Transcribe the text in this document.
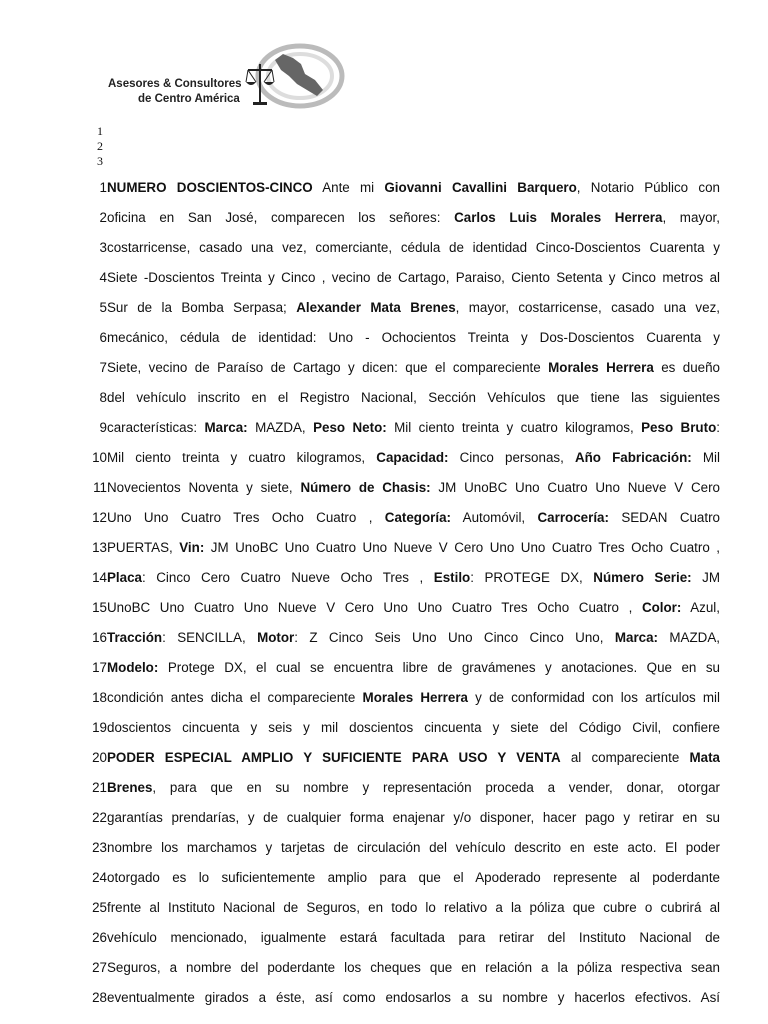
Asesores & Consultores
de Centro América
1
2
3
1 NUMERO DOSCIENTOS-CINCO Ante mi Giovanni Cavallini Barquero, Notario Público con
2 oficina en San José, comparecen los señores: Carlos Luis Morales Herrera, mayor,
3 costarricense, casado una vez, comerciante, cédula de identidad Cinco-Doscientos Cuarenta y
4 Siete -Doscientos Treinta y Cinco , vecino de Cartago, Paraiso, Ciento Setenta y Cinco metros al
5 Sur de la Bomba Serpasa; Alexander Mata Brenes, mayor, costarricense, casado una vez,
6 mecánico, cédula de identidad: Uno - Ochocientos Treinta y Dos-Doscientos Cuarenta y
7 Siete, vecino de Paraíso de Cartago y dicen: que el compareciente Morales Herrera es dueño
8 del vehículo inscrito en el Registro Nacional, Sección Vehículos que tiene las siguientes
9 características: Marca: MAZDA, Peso Neto: Mil ciento treinta y cuatro kilogramos, Peso Bruto:
10 Mil ciento treinta y cuatro kilogramos, Capacidad: Cinco personas, Año Fabricación: Mil
11 Novecientos Noventa y siete, Número de Chasis: JM UnoBC Uno Cuatro Uno Nueve V Cero
12 Uno Uno Cuatro Tres Ocho Cuatro , Categoría: Automóvil, Carrocería: SEDAN Cuatro
13 PUERTAS, Vin: JM UnoBC Uno Cuatro Uno Nueve V Cero Uno Uno Cuatro Tres Ocho Cuatro ,
14 Placa: Cinco Cero Cuatro Nueve Ocho Tres , Estilo: PROTEGE DX, Número Serie: JM
15 UnoBC Uno Cuatro Uno Nueve V Cero Uno Uno Cuatro Tres Ocho Cuatro , Color: Azul,
16 Tracción: SENCILLA, Motor: Z Cinco Seis Uno Uno Cinco Cinco Uno, Marca: MAZDA,
17 Modelo: Protege DX, el cual se encuentra libre de gravámenes y anotaciones. Que en su
18 condición antes dicha el compareciente Morales Herrera y de conformidad con los artículos mil
19 doscientos cincuenta y seis y mil doscientos cincuenta y siete del Código Civil, confiere
20 PODER ESPECIAL AMPLIO Y SUFICIENTE PARA USO Y VENTA al compareciente Mata
21 Brenes, para que en su nombre y representación proceda a vender, donar, otorgar
22 garantías prendarías, y de cualquier forma enajenar y/o disponer, hacer pago y retirar en su
23 nombre los marchamos y tarjetas de circulación del vehículo descrito en este acto. El poder
24 otorgado es lo suficientemente amplio para que el Apoderado represente al poderdante
25 frente al Instituto Nacional de Seguros, en todo lo relativo a la póliza que cubre o cubrirá al
26 vehículo mencionado, igualmente estará facultada para retirar del Instituto Nacional de
27 Seguros, a nombre del poderdante los cheques que en relación a la póliza respectiva sean
28 eventualmente girados a éste, así como endosarlos a su nombre y hacerlos efectivos. Así
